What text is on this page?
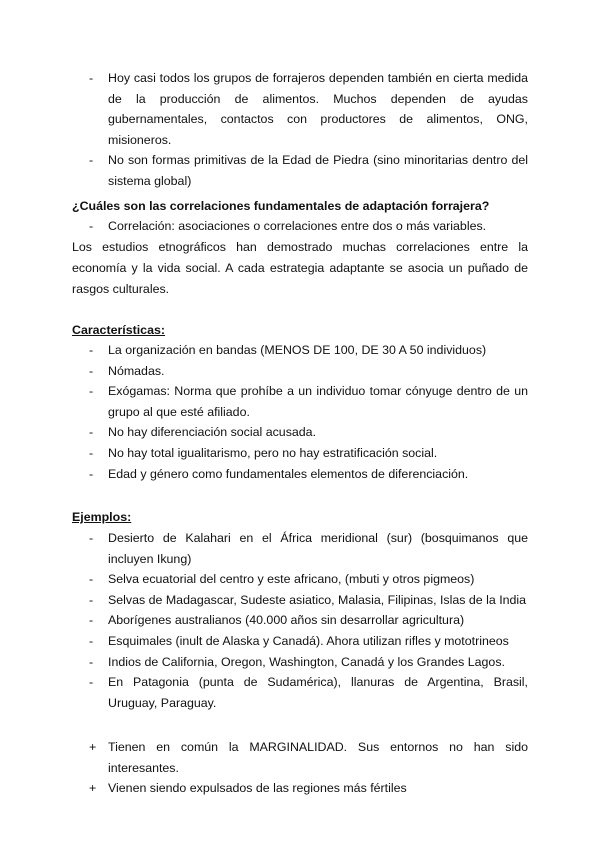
-	Hoy casi todos los grupos de forrajeros dependen también en cierta medida de la producción de alimentos. Muchos dependen de ayudas gubernamentales, contactos con productores de alimentos, ONG, misioneros.
-	No son formas primitivas de la Edad de Piedra (sino minoritarias dentro del sistema global)
¿Cuáles son las correlaciones fundamentales de adaptación forrajera?
-	Correlación: asociaciones o correlaciones entre dos o más variables.
Los estudios etnográficos han demostrado muchas correlaciones entre la economía y la vida social. A cada estrategia adaptante se asocia un puñado de rasgos culturales.
Características:
-	La organización en bandas (MENOS DE 100, DE 30 A 50 individuos)
-	Nómadas.
-	Exógamas: Norma que prohíbe a un individuo tomar cónyuge dentro de un grupo al que esté afiliado.
-	No hay diferenciación social acusada.
-	No hay total igualitarismo, pero no hay estratificación social.
-	Edad y género como fundamentales elementos de diferenciación.
Ejemplos:
-	Desierto de Kalahari en el África meridional (sur) (bosquimanos que incluyen Ikung)
-	Selva ecuatorial del centro y este africano, (mbuti y otros pigmeos)
-	Selvas de Madagascar, Sudeste asiatico, Malasia, Filipinas, Islas de la India
-	Aborígenes australianos (40.000 años sin desarrollar agricultura)
-	Esquimales (inult de Alaska y Canadá). Ahora utilizan rifles y mototrineos
-	Indios de California, Oregon, Washington, Canadá y los Grandes Lagos.
-	En Patagonia (punta de Sudamérica), llanuras de Argentina, Brasil, Uruguay, Paraguay.
+ Tienen en común la MARGINALIDAD. Sus entornos no han sido interesantes.
+ Vienen siendo expulsados de las regiones más fértiles
